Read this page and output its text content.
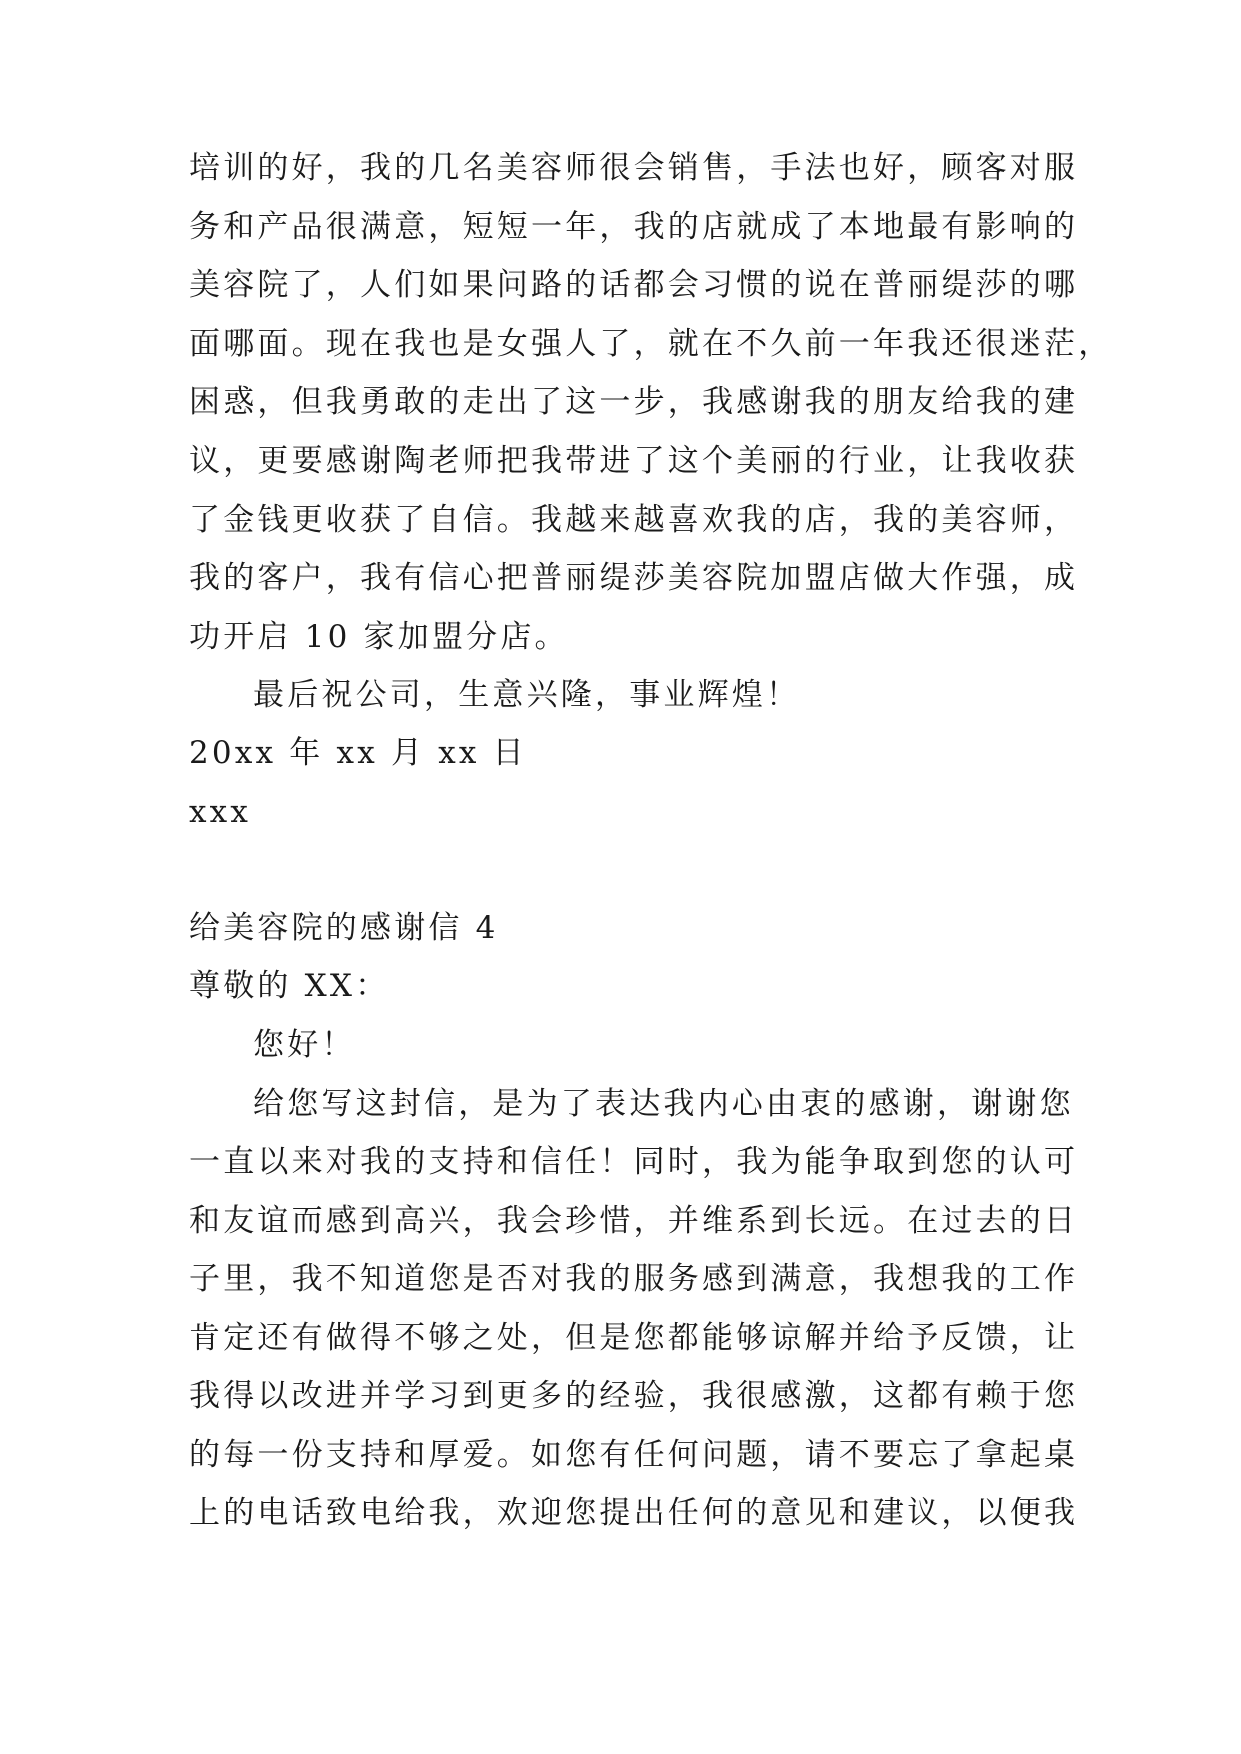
培训的好，我的几名美容师很会销售，手法也好，顾客对服
务和产品很满意，短短一年，我的店就成了本地最有影响的
美容院了，人们如果问路的话都会习惯的说在普丽缇莎的哪
面哪面。现在我也是女强人了，就在不久前一年我还很迷茫，
困惑，但我勇敢的走出了这一步，我感谢我的朋友给我的建
议，更要感谢陶老师把我带进了这个美丽的行业，让我收获
了金钱更收获了自信。我越来越喜欢我的店，我的美容师，
我的客户，我有信心把普丽缇莎美容院加盟店做大作强，成
功开启 10 家加盟分店。
最后祝公司，生意兴隆，事业辉煌！
20xx 年 xx 月 xx 日
xxx
给美容院的感谢信 4
尊敬的 XX：
您好！
给您写这封信，是为了表达我内心由衷的感谢，谢谢您
一直以来对我的支持和信任！同时，我为能争取到您的认可
和友谊而感到高兴，我会珍惜，并维系到长远。在过去的日
子里，我不知道您是否对我的服务感到满意，我想我的工作
肯定还有做得不够之处，但是您都能够谅解并给予反馈，让
我得以改进并学习到更多的经验，我很感激，这都有赖于您
的每一份支持和厚爱。如您有任何问题，请不要忘了拿起桌
上的电话致电给我，欢迎您提出任何的意见和建议，以便我
